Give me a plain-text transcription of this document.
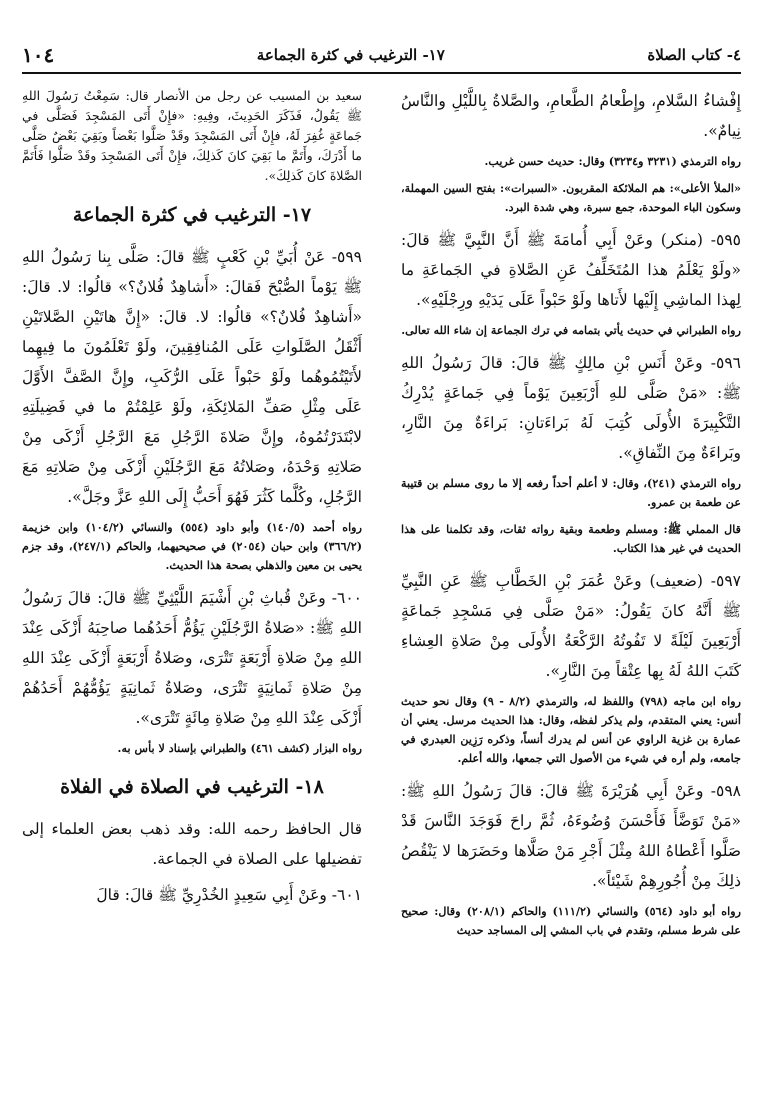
٤- كتاب الصلاة
١٧- الترغيب في كثرة الجماعة
١٠٤

إِفْشاءُ السَّلامِ، وإِطْعامُ الطَّعامِ، والصَّلاةُ بِاللَّيْلِ والنَّاسُ نِيامٌ».

رواه الترمذي (٣٢٣١ و٣٢٣٤) وقال: حديث حسن غريب.

«الملأ الأعلى»: هم الملائكة المقربون. «السبرات»: بفتح السين المهملة، وسكون الباء الموحدة، جمع سبرة، وهي شدة البرد.

٥٩٥- (منكر) وعَنْ أَبِي أُمامَةَ ﷺ أَنَّ النَّبِيَّ ﷺ قالَ: «ولَوْ يَعْلَمُ هذا المُتَخَلِّفُ عَنِ الصَّلاةِ في الجَماعَةِ ما لِهذا الماشِي إِلَيْها لأَتاها ولَوْ حَبْواً عَلَى يَدَيْهِ ورِجْلَيْهِ».

رواه الطبراني في حديث يأتي بتمامه في ترك الجماعة إن شاء الله تعالى.

٥٩٦- وعَنْ أَنَسِ بْنِ مالِكٍ ﷺ قالَ: قالَ رَسُولُ اللهِ ﷺ: «مَنْ صَلَّى للهِ أَرْبَعِينَ يَوْماً فِي جَماعَةٍ يُدْرِكُ التَّكْبِيرَةَ الأُولَى كُتِبَ لَهُ بَراءَتانِ: بَراءَةٌ مِنَ النَّارِ، وبَراءَةٌ مِنَ النِّفاقِ».

رواه الترمذي (٢٤١)، وقال: لا أعلم أحداً رفعه إلا ما روى مسلم بن قتيبة عن طعمة بن عمرو.

قال المملي ﷺ: ومسلم وطعمة وبقية رواته ثقات، وقد تكلمنا على هذا الحديث في غير هذا الكتاب.

٥٩٧- (ضعيف) وعَنْ عُمَرَ بْنِ الخَطَّابِ ﷺ عَنِ النَّبِيِّ ﷺ أَنَّهُ كانَ يَقُولُ: «مَنْ صَلَّى فِي مَسْجِدِ جَماعَةٍ أَرْبَعِينَ لَيْلَةً لا تَفُوتُهُ الرَّكْعَةُ الأُولَى مِنْ صَلاةِ العِشاءِ كَتَبَ اللهُ لَهُ بِها عِتْقاً مِنَ النَّارِ».

رواه ابن ماجه (٧٩٨) واللفظ له، والترمذي (٨/٢ - ٩) وقال نحو حديث أنس: يعني المتقدم، ولم يذكر لفظه، وقال: هذا الحديث مرسل. يعني أن عمارة بن غزية الراوي عن أنس لم يدرك أنساً، وذكره رَزِين العبدري في جامعه، ولم أره في شيء من الأصول التي جمعها، والله أعلم.

٥٩٨- وعَنْ أَبِي هُرَيْرَةَ ﷺ قالَ: قالَ رَسُولُ اللهِ ﷺ: «مَنْ تَوَضَّأَ فَأَحْسَنَ وُضُوءَهُ، ثُمَّ راحَ فَوَجَدَ النَّاسَ قَدْ صَلَّوا أَعْطاهُ اللهُ مِثْلَ أَجْرِ مَنْ صَلَّاها وحَضَرَها لا يَنْقُصُ ذلِكَ مِنْ أُجُورِهِمْ شَيْئاً».

رواه أبو داود (٥٦٤) والنسائي (١١١/٢) والحاكم (٢٠٨/١) وقال: صحيح على شرط مسلم، وتقدم في باب المشي إلى المساجد حديث

سعيد بن المسيب عن رجل من الأنصار قال: سَمِعْتُ رَسُولَ اللهِ ﷺ يَقُولُ، فَذَكَرَ الحَدِيثَ، وفِيهِ: «فإِنْ أَتَى المَسْجِدَ فَصَلَّى في جَماعَةٍ غُفِرَ لَهُ، فإِنْ أَتَى المَسْجِدَ وقَدْ صَلَّوا بَعْضاً وبَقِيَ بَعْضٌ صَلَّى ما أَدْرَكَ، وأَتَمَّ ما بَقِيَ كانَ كَذلِكَ، فإِنْ أَتَى المَسْجِدَ وقَدْ صَلَّوا فَأَتَمَّ الصَّلاةَ كانَ كَذلِكَ».

١٧- الترغيب في كثرة الجماعة

٥٩٩- عَنْ أُبَيِّ بْنِ كَعْبٍ ﷺ قالَ: صَلَّى بِنا رَسُولُ اللهِ ﷺ يَوْماً الصُّبْحَ فَقالَ: «أَشاهِدٌ فُلانٌ؟» قالُوا: لا. قالَ: «أَشاهِدٌ فُلانٌ؟» قالُوا: لا. قالَ: «إِنَّ هاتَيْنِ الصَّلاتَيْنِ أَثْقَلُ الصَّلَواتِ عَلَى المُنافِقِينَ، ولَوْ تَعْلَمُونَ ما فِيهِما لأَتَيْتُمُوهُما ولَوْ حَبْواً عَلَى الرُّكَبِ، وإِنَّ الصَّفَّ الأَوَّلَ عَلَى مِثْلِ صَفِّ المَلائِكَةِ، ولَوْ عَلِمْتُمْ ما في فَضِيلَتِهِ لابْتَدَرْتُمُوهُ، وإِنَّ صَلاةَ الرَّجُلِ مَعَ الرَّجُلِ أَزْكَى مِنْ صَلاتِهِ وَحْدَهُ، وصَلاتُهُ مَعَ الرَّجُلَيْنِ أَزْكَى مِنْ صَلاتِهِ مَعَ الرَّجُلِ، وكُلَّما كَثُرَ فَهُوَ أَحَبُّ إِلَى اللهِ عَزَّ وجَلَّ».

رواه أحمد (١٤٠/٥) وأبو داود (٥٥٤) والنسائي (١٠٤/٢) وابن خزيمة (٣٦٦/٢) وابن حبان (٢٠٥٤) في صحيحيهما، والحاكم (٢٤٧/١)، وقد جزم يحيى بن معين والذهلي بصحة هذا الحديث.

٦٠٠- وعَنْ قُباثِ بْنِ أَشْيَمَ اللَّيْثِيِّ ﷺ قالَ: قالَ رَسُولُ اللهِ ﷺ: «صَلاةُ الرَّجُلَيْنِ يَؤُمُّ أَحَدُهُما صاحِبَهُ أَزْكَى عِنْدَ اللهِ مِنْ صَلاةِ أَرْبَعَةٍ تَتْرَى، وصَلاةُ أَرْبَعَةٍ أَزْكَى عِنْدَ اللهِ مِنْ صَلاةِ ثَمانِيَةٍ تَتْرَى، وصَلاةُ ثَمانِيَةٍ يَؤُمُّهُمْ أَحَدُهُمْ أَزْكَى عِنْدَ اللهِ مِنْ صَلاةِ مِائَةٍ تَتْرَى».

رواه البزار (كشف ٤٦١) والطبراني بإسناد لا بأس به.

١٨- الترغيب في الصلاة في الفلاة

قال الحافظ رحمه الله: وقد ذهب بعض العلماء إلى تفضيلها على الصلاة في الجماعة.

٦٠١- وعَنْ أَبِي سَعِيدٍ الخُدْرِيِّ ﷺ قالَ: قالَ
